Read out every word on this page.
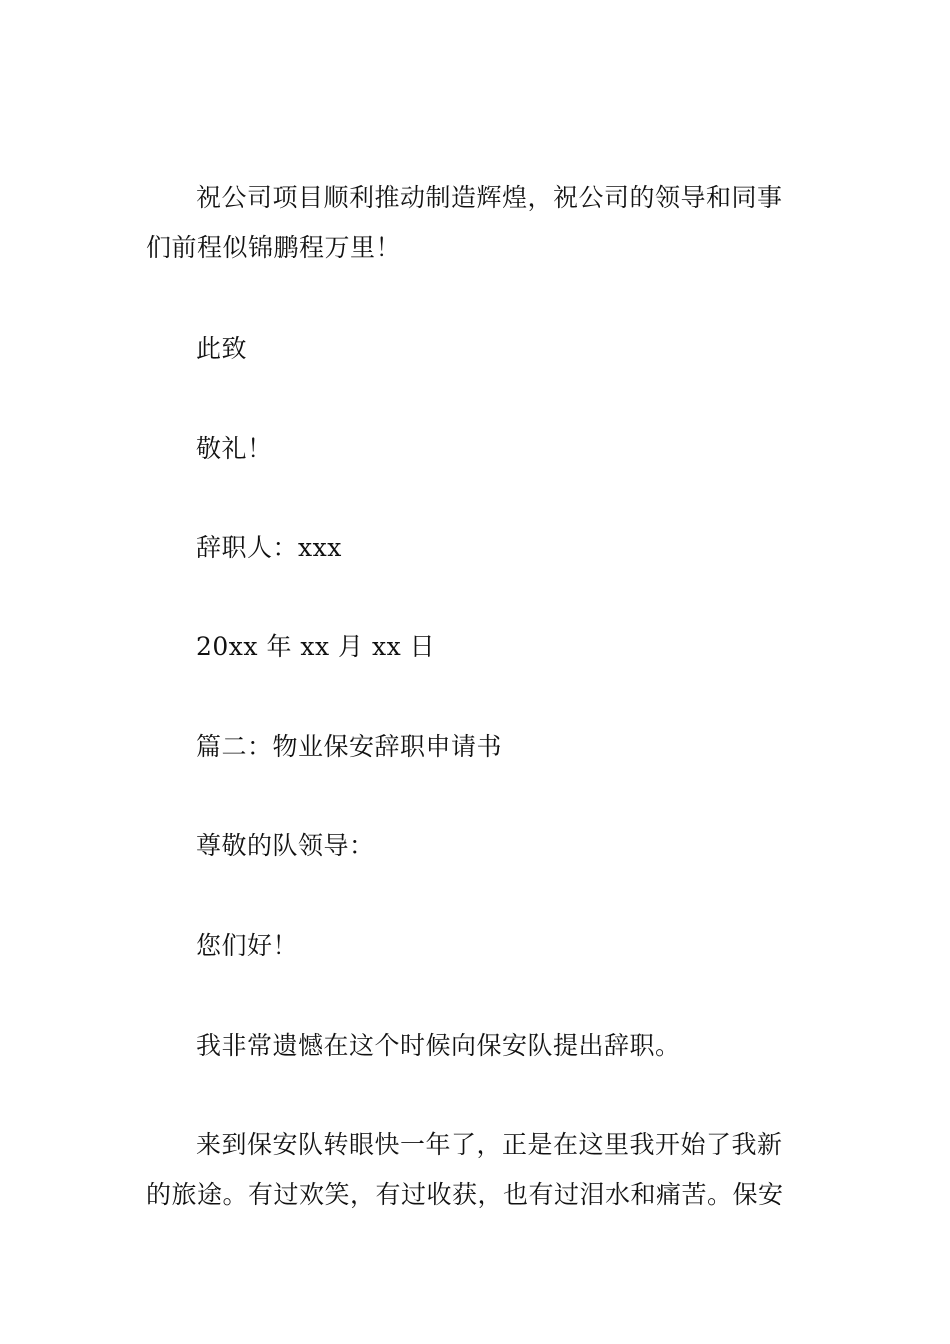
祝公司项目顺利推动制造辉煌，祝公司的领导和同事
们前程似锦鹏程万里！
此致
敬礼！
辞职人：xxx
20xx 年 xx 月 xx 日
篇二：物业保安辞职申请书
尊敬的队领导：
您们好！
我非常遗憾在这个时候向保安队提出辞职。
来到保安队转眼快一年了，正是在这里我开始了我新
的旅途。有过欢笑，有过收获，也有过泪水和痛苦。保安
